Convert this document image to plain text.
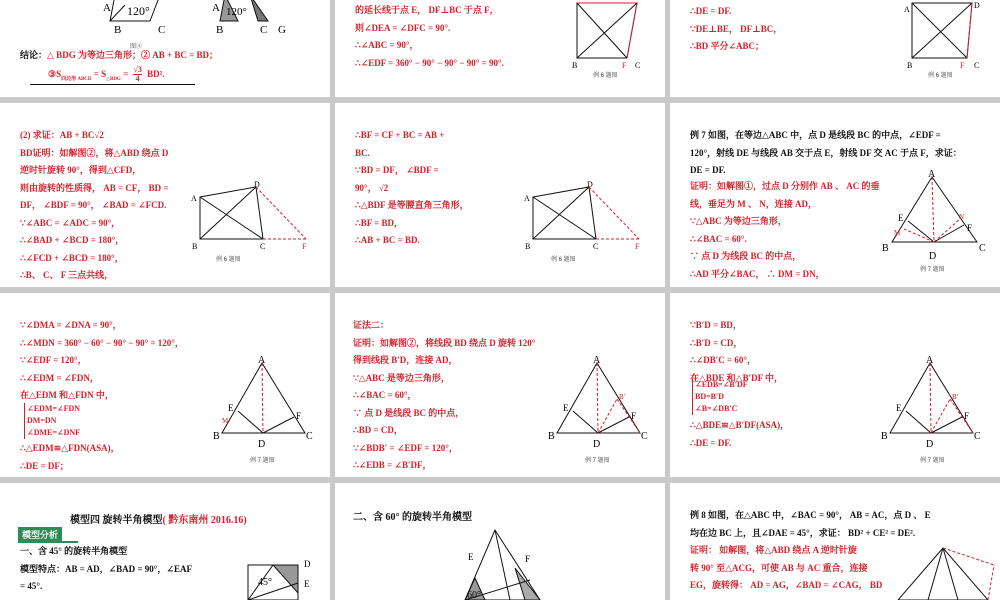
A 120°	A 120°
B	C	B	C G
图④
结论：△ BDG 为等边三角形；② AB + BC = BD；
$③S_{四边形 ABCD} = S_{\triangle BDG} = \frac{√3}{4} BD^2$.
的延长线于点 E， DF⊥BC 于点 F，
则∠DEA = ∠DFC = 90°.
∴∠ABC = 90°，
∴∠EDF = 360° − 90° − 90° − 90° = 90°.	B	F C
例 6 题图
∴DE = DF.
∵DE⊥BE， DF⊥BC，
∴BD 平分∠ABC；
A	D
B	F C
例 6 题图
(2) 求证：AB + BC√2
BD证明：如解图②，将△ABD 绕点 D
逆时针旋转 90°，得到△CFD，
则由旋转的性质得， AB = CF， BD =
DF， ∠BDF = 90°， ∠BAD = ∠FCD.
∵∠ABC = ∠ADC = 90°，
∴∠BAD + ∠BCD = 180°，
∴∠FCD + ∠BCD = 180°，
∴B、 C、 F 三点共线，
A
D
B	C	F
例 6 题图
∴BF = CF + BC = AB +
BC.
∵BD = DF， ∠BDF =
90°， √2
∴△BDF 是等腰直角三角形，
∴BF = BD，
∴AB + BC = BD.
A
D
B	C	F
例 6 题图
例 7 如图，在等边△ABC 中，点 D 是线段 BC 的中点，∠EDF =
120°，射线 DE 与线段 AB 交于点 E，射线 DF 交 AC 于点 F，求证：
DE = DF.
证明：如解图①，过点 D 分别作 AB 、 AC 的垂
线，垂足为 M 、 N，连接 AD，
∵△ABC 为等边三角形，
∴∠BAC = 60°.
∵ 点 D 为线段 BC 的中点，
∴AD 平分∠BAC， ∴ DM = DN，
A
B	C
D
E
F
M
N
例 7 题图
∵∠DMA = ∠DNA = 90°，
∴∠MDN = 360° − 60° − 90° − 90° = 120°，
∵∠EDF = 120°，
∴∠EDM = ∠FDN，
在△EDM 和△FDN 中，
∠EDM=∠FDN
DM=DN
∠DME=∠DNF
∴△EDM≌△FDN(ASA)，
∴DE = DF；
A
B	C
D
E
F
M
例 7 题图
证法二：
证明：如解图②，将线段 BD 绕点 D 旋转 120°
得到线段 B′D，连接 AD，
∵△ABC 是等边三角形，
∴∠BAC = 60°，
∵ 点 D 是线段 BC 的中点，
∴BD = CD，
∵∠BDB′ = ∠EDF = 120°，
∴∠EDB = ∠B′DF，
A
B	C
D
E
F
B′
例 7 题图
∵B′D = BD，
∴B′D = CD，
∴∠DB′C = 60°，
在△BDE 和△B′DF 中，
∠EDB=∠B′DF
BD=B′D
∠B=∠DB′C
∴△BDE≌△B′DF(ASA)，
∴DE = DF.
A
B	C
D
E
F
B′
例 7 题图
模型四 旋转半角模型( 黔东南州 2016.16)
模型分析
一、含 45° 的旋转半角模型
模型特点：AB = AD，∠BAD = 90°，∠EAF
= 45°.	45°
D
E
二、含 60° 的旋转半角模型
E	F
60°
例 8 如图，在△ABC 中，∠BAC = 90°， AB = AC，点 D 、 E
均在边 BC 上，且∠DAE = 45°，求证： BD² + CE² = DE².
证明： 如解图，将△ABD 绕点 A 逆时针旋
转 90° 至△ACG，可使 AB 与 AC 重合，连接
EG，旋转得： AD = AG，∠BAD = ∠CAG， BD
